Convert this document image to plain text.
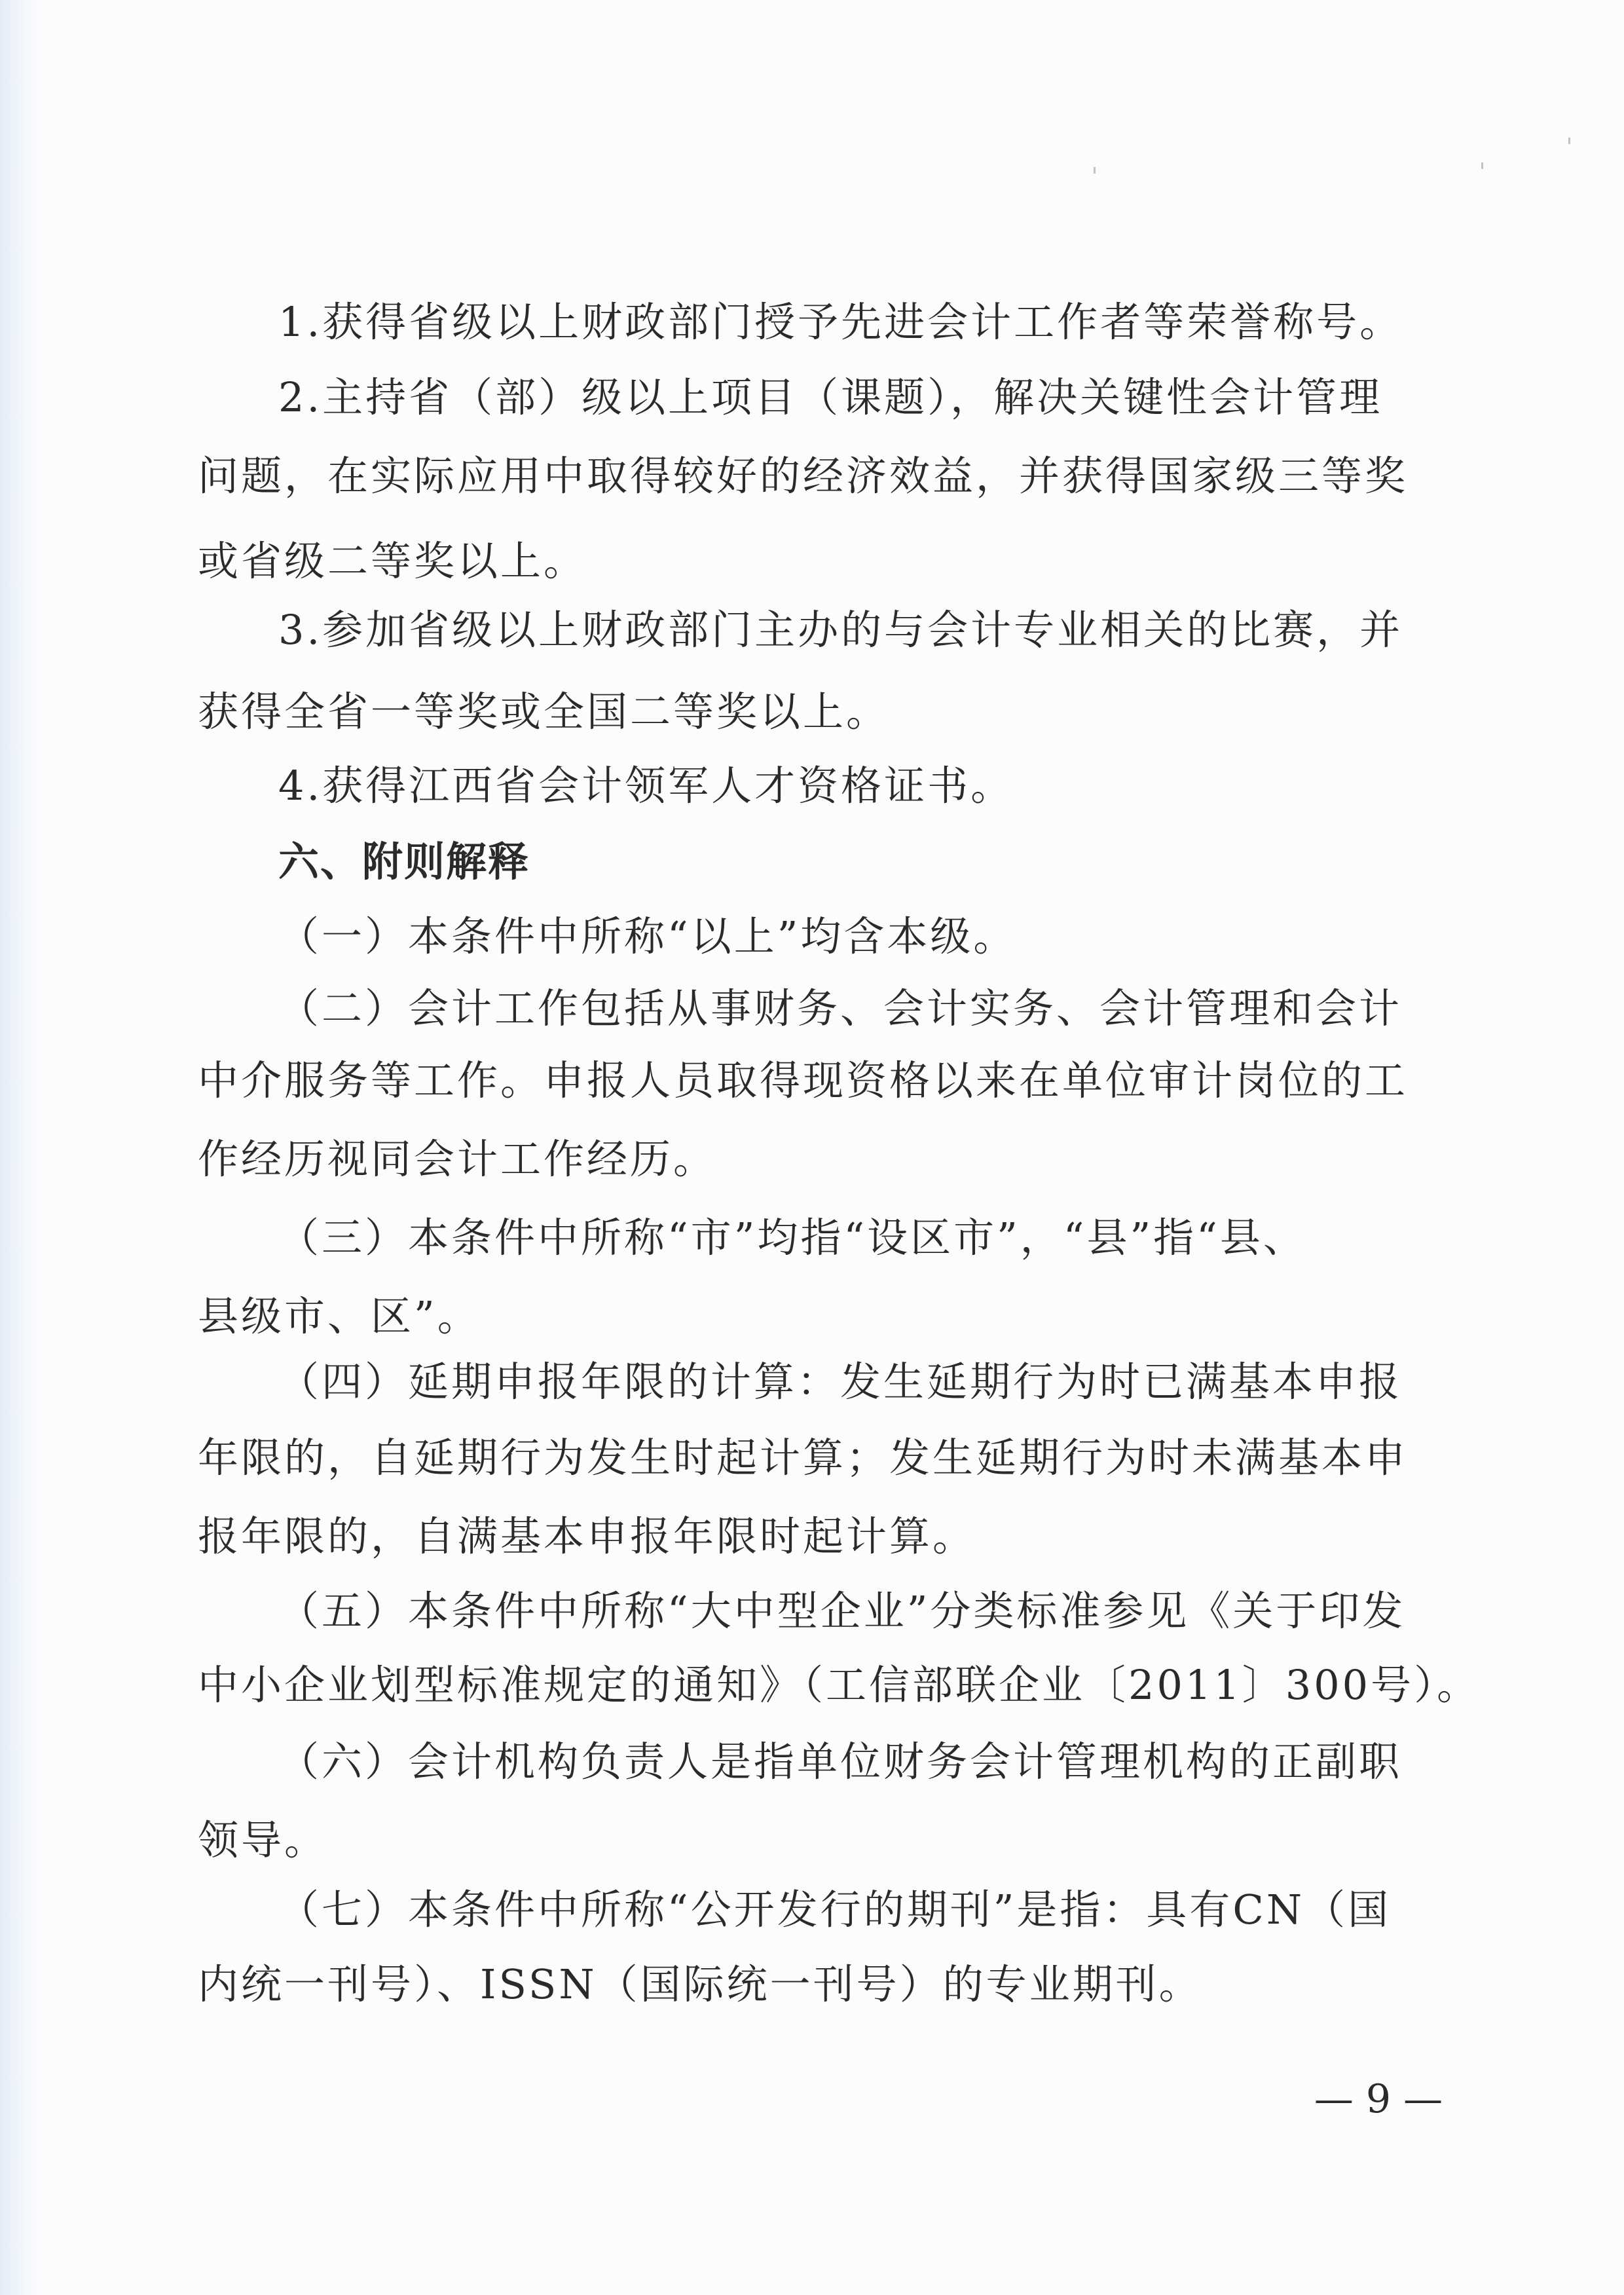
1.获得省级以上财政部门授予先进会计工作者等荣誉称号。
2.主持省（部）级以上项目（课题），解决关键性会计管理
问题，在实际应用中取得较好的经济效益，并获得国家级三等奖
或省级二等奖以上。
3.参加省级以上财政部门主办的与会计专业相关的比赛，并
获得全省一等奖或全国二等奖以上。
4.获得江西省会计领军人才资格证书。
六、附则解释
（一）本条件中所称“以上”均含本级。
（二）会计工作包括从事财务、会计实务、会计管理和会计
中介服务等工作。申报人员取得现资格以来在单位审计岗位的工
作经历视同会计工作经历。
（三）本条件中所称“市”均指“设区市”，“县”指“县、
县级市、区”。
（四）延期申报年限的计算：发生延期行为时已满基本申报
年限的，自延期行为发生时起计算；发生延期行为时未满基本申
报年限的，自满基本申报年限时起计算。
（五）本条件中所称“大中型企业”分类标准参见《关于印发
中小企业划型标准规定的通知》（工信部联企业〔2011〕300号）。
（六）会计机构负责人是指单位财务会计管理机构的正副职
领导。
（七）本条件中所称“公开发行的期刊”是指：具有CN（国
内统一刊号）、ISSN（国际统一刊号）的专业期刊。
— 9 —
